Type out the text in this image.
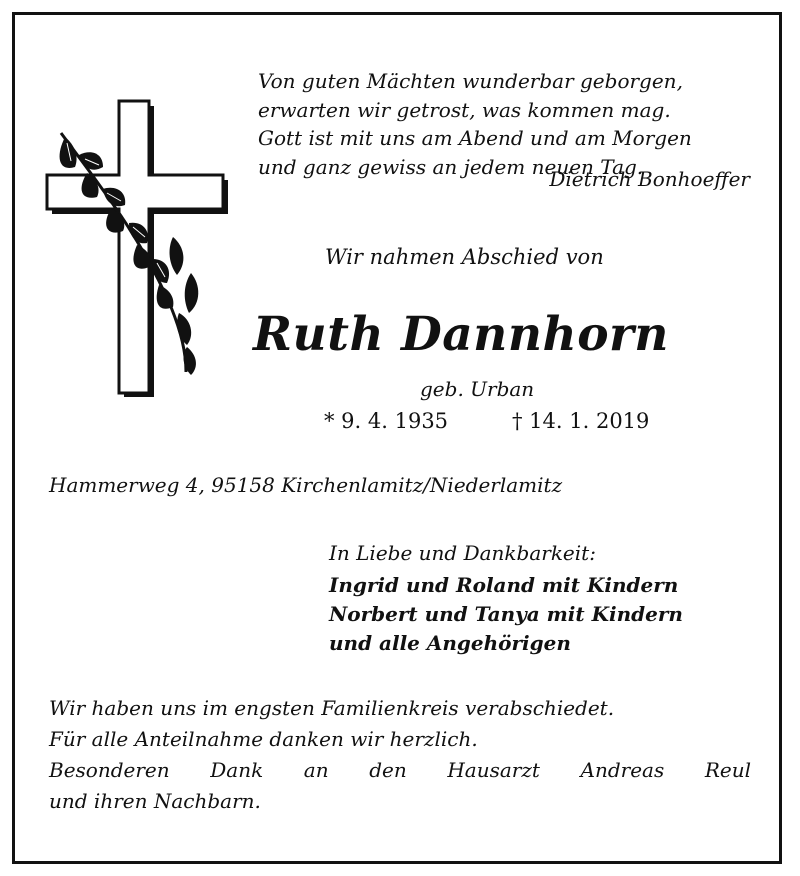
Von guten Mächten wunderbar geborgen,
erwarten wir getrost, was kommen mag.
Gott ist mit uns am Abend und am Morgen
und ganz gewiss an jedem neuen Tag.
Dietrich Bonhoeffer
Wir nahmen Abschied von
Ruth Dannhorn
geb. Urban
* 9. 4. 1935	† 14. 1. 2019
Hammerweg 4, 95158 Kirchenlamitz/Niederlamitz
In Liebe und Dankbarkeit:
Ingrid und Roland mit Kindern
Norbert und Tanya mit Kindern
und alle Angehörigen
Wir haben uns im engsten Familienkreis verabschiedet.
Für alle Anteilnahme danken wir herzlich.
Besonderen Dank an den Hausarzt Andreas Reul
und ihren Nachbarn.
